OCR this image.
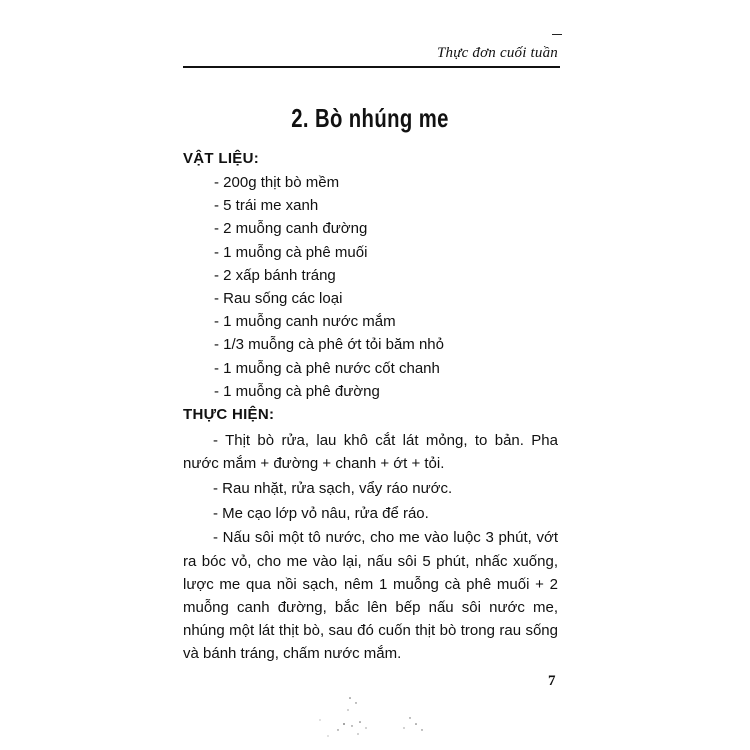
Thực đơn cuối tuần
2. Bò nhúng me
VẬT LIỆU:
- 200g thịt bò mềm
- 5 trái me xanh
- 2 muỗng canh đường
- 1 muỗng cà phê muối
- 2 xấp bánh tráng
- Rau sống các loại
- 1 muỗng canh nước mắm
- 1/3 muỗng cà phê ớt tỏi băm nhỏ
- 1 muỗng cà phê nước cốt chanh
- 1 muỗng cà phê đường
THỰC HIỆN:

- Thịt bò rửa, lau khô cắt lát mỏng, to bản. Pha nước mắm + đường + chanh + ớt + tỏi.

- Rau nhặt, rửa sạch, vẩy ráo nước.

- Me cạo lớp vỏ nâu, rửa để ráo.

- Nấu sôi một tô nước, cho me vào luộc 3 phút, vớt ra bóc vỏ, cho me vào lại, nấu sôi 5 phút, nhấc xuống, lược me qua nồi sạch, nêm 1 muỗng cà phê muối + 2 muỗng canh đường, bắc lên bếp nấu sôi nước me, nhúng một lát thịt bò, sau đó cuốn thịt bò trong rau sống và bánh tráng, chấm nước mắm.

7
